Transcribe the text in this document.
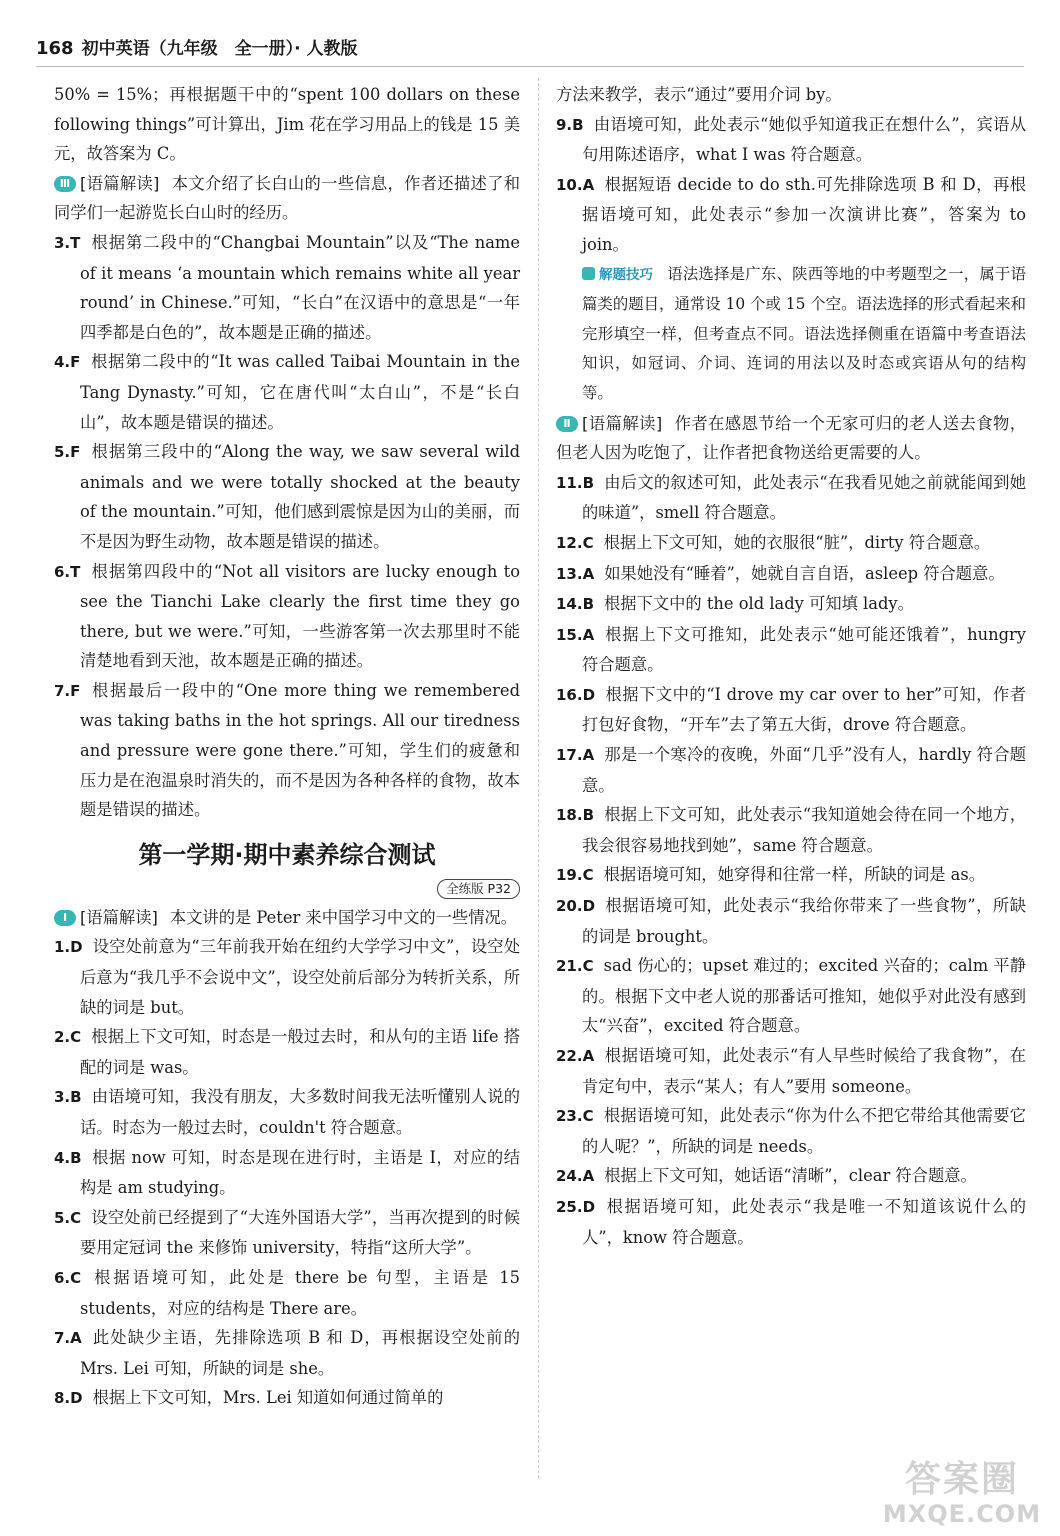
168 初中英语（九年级　全一册）· 人教版

50% = 15%；再根据题干中的“spent 100 dollars on these following things”可计算出，Jim 花在学习用品上的钱是 15 美元，故答案为 C。

Ⅲ [语篇解读] 本文介绍了长白山的一些信息，作者还描述了和同学们一起游览长白山时的经历。

3.T 根据第二段中的“Changbai Mountain”以及“The name of it means ‘a mountain which remains white all year round’ in Chinese.”可知，“长白”在汉语中的意思是“一年四季都是白色的”，故本题是正确的描述。

4.F 根据第二段中的“It was called Taibai Mountain in the Tang Dynasty.”可知，它在唐代叫“太白山”，不是“长白山”，故本题是错误的描述。

5.F 根据第三段中的“Along the way, we saw several wild animals and we were totally shocked at the beauty of the mountain.”可知，他们感到震惊是因为山的美丽，而不是因为野生动物，故本题是错误的描述。

6.T 根据第四段中的“Not all visitors are lucky enough to see the Tianchi Lake clearly the first time they go there, but we were.”可知，一些游客第一次去那里时不能清楚地看到天池，故本题是正确的描述。

7.F 根据最后一段中的“One more thing we remembered was taking baths in the hot springs. All our tiredness and pressure were gone there.”可知，学生们的疲惫和压力是在泡温泉时消失的，而不是因为各种各样的食物，故本题是错误的描述。

第一学期·期中素养综合测试
全练版 P32

Ⅰ [语篇解读] 本文讲的是 Peter 来中国学习中文的一些情况。

1.D 设空处前意为“三年前我开始在纽约大学学习中文”，设空处后意为“我几乎不会说中文”，设空处前后部分为转折关系，所缺的词是 but。

2.C 根据上下文可知，时态是一般过去时，和从句的主语 life 搭配的词是 was。

3.B 由语境可知，我没有朋友，大多数时间我无法听懂别人说的话。时态为一般过去时，couldn't 符合题意。

4.B 根据 now 可知，时态是现在进行时，主语是 I，对应的结构是 am studying。

5.C 设空处前已经提到了“大连外国语大学”，当再次提到的时候要用定冠词 the 来修饰 university，特指“这所大学”。

6.C 根据语境可知，此处是 there be 句型，主语是 15 students，对应的结构是 There are。

7.A 此处缺少主语，先排除选项 B 和 D，再根据设空处前的 Mrs. Lei 可知，所缺的词是 she。

8.D 根据上下文可知，Mrs. Lei 知道如何通过简单的

方法来教学，表示“通过”要用介词 by。

9.B 由语境可知，此处表示“她似乎知道我正在想什么”，宾语从句用陈述语序，what I was 符合题意。

10.A 根据短语 decide to do sth.可先排除选项 B 和 D，再根据语境可知，此处表示“参加一次演讲比赛”，答案为 to join。

解题技巧 语法选择是广东、陕西等地的中考题型之一，属于语篇类的题目，通常设 10 个或 15 个空。语法选择的形式看起来和完形填空一样，但考查点不同。语法选择侧重在语篇中考查语法知识，如冠词、介词、连词的用法以及时态或宾语从句的结构等。

Ⅱ [语篇解读] 作者在感恩节给一个无家可归的老人送去食物，但老人因为吃饱了，让作者把食物送给更需要的人。

11.B 由后文的叙述可知，此处表示“在我看见她之前就能闻到她的味道”，smell 符合题意。

12.C 根据上下文可知，她的衣服很“脏”，dirty 符合题意。

13.A 如果她没有“睡着”，她就自言自语，asleep 符合题意。

14.B 根据下文中的 the old lady 可知填 lady。

15.A 根据上下文可推知，此处表示“她可能还饿着”，hungry 符合题意。

16.D 根据下文中的“I drove my car over to her”可知，作者打包好食物，“开车”去了第五大街，drove 符合题意。

17.A 那是一个寒冷的夜晚，外面“几乎”没有人，hardly 符合题意。

18.B 根据上下文可知，此处表示“我知道她会待在同一个地方，我会很容易地找到她”，same 符合题意。

19.C 根据语境可知，她穿得和往常一样，所缺的词是 as。

20.D 根据语境可知，此处表示“我给你带来了一些食物”，所缺的词是 brought。

21.C sad 伤心的；upset 难过的；excited 兴奋的；calm 平静的。根据下文中老人说的那番话可推知，她似乎对此没有感到太“兴奋”，excited 符合题意。

22.A 根据语境可知，此处表示“有人早些时候给了我食物”，在肯定句中，表示“某人；有人”要用 someone。

23.C 根据语境可知，此处表示“你为什么不把它带给其他需要它的人呢？”，所缺的词是 needs。

24.A 根据上下文可知，她话语“清晰”，clear 符合题意。

25.D 根据语境可知，此处表示“我是唯一不知道该说什么的人”，know 符合题意。

答案圈
MXQE.COM
